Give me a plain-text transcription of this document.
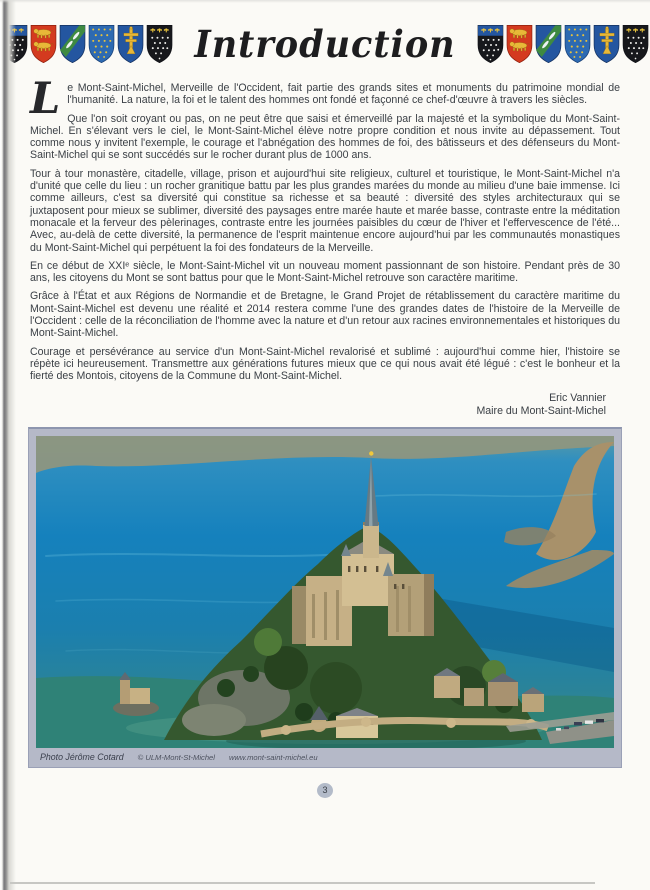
Introduction

Le Mont-Saint-Michel, Merveille de l'Occident, fait partie des grands sites et monuments du patrimoine mondial de l'humanité. La nature, la foi et le talent des hommes ont fondé et façonné ce chef-d'œuvre à travers les siècles.

Que l'on soit croyant ou pas, on ne peut être que saisi et émerveillé par la majesté et la symbolique du Mont-Saint-Michel. En s'élevant vers le ciel, le Mont-Saint-Michel élève notre propre condition et nous invite au dépassement. Tout comme nous y invitent l'exemple, le courage et l'abnégation des hommes de foi, des bâtisseurs et des défenseurs du Mont-Saint-Michel qui se sont succédés sur le rocher durant plus de 1000 ans.

Tour à tour monastère, citadelle, village, prison et aujourd'hui site religieux, culturel et touristique, le Mont-Saint-Michel n'a d'unité que celle du lieu : un rocher granitique battu par les plus grandes marées du monde au milieu d'une baie immense. Ici comme ailleurs, c'est sa diversité qui constitue sa richesse et sa beauté : diversité des styles architecturaux qui se juxtaposent pour mieux se sublimer, diversité des paysages entre marée haute et marée basse, contraste entre la méditation monacale et la ferveur des pèlerinages, contraste entre les journées paisibles du cœur de l'hiver et l'effervescence de l'été... Avec, au-delà de cette diversité, la permanence de l'esprit maintenue encore aujourd'hui par les communautés monastiques du Mont-Saint-Michel qui perpétuent la foi des fondateurs de la Merveille.

En ce début de XXIᵉ siècle, le Mont-Saint-Michel vit un nouveau moment passionnant de son histoire. Pendant près de 30 ans, les citoyens du Mont se sont battus pour que le Mont-Saint-Michel retrouve son caractère maritime.

Grâce à l'État et aux Régions de Normandie et de Bretagne, le Grand Projet de rétablissement du caractère maritime du Mont-Saint-Michel est devenu une réalité et 2014 restera comme l'une des grandes dates de l'histoire de la Merveille de l'Occident : celle de la réconciliation de l'homme avec la nature et d'un retour aux racines environnementales et historiques du Mont-Saint-Michel.

Courage et persévérance au service d'un Mont-Saint-Michel revalorisé et sublimé : aujourd'hui comme hier, l'histoire se répète ici heureusement. Transmettre aux générations futures mieux que ce qui nous avait été légué : c'est le bonheur et la fierté des Montois, citoyens de la Commune du Mont-Saint-Michel.

Eric Vannier
Maire du Mont-Saint-Michel
Photo Jérôme Cotard © ULM-Mont-St-Michel www.mont-saint-michel.eu
3
